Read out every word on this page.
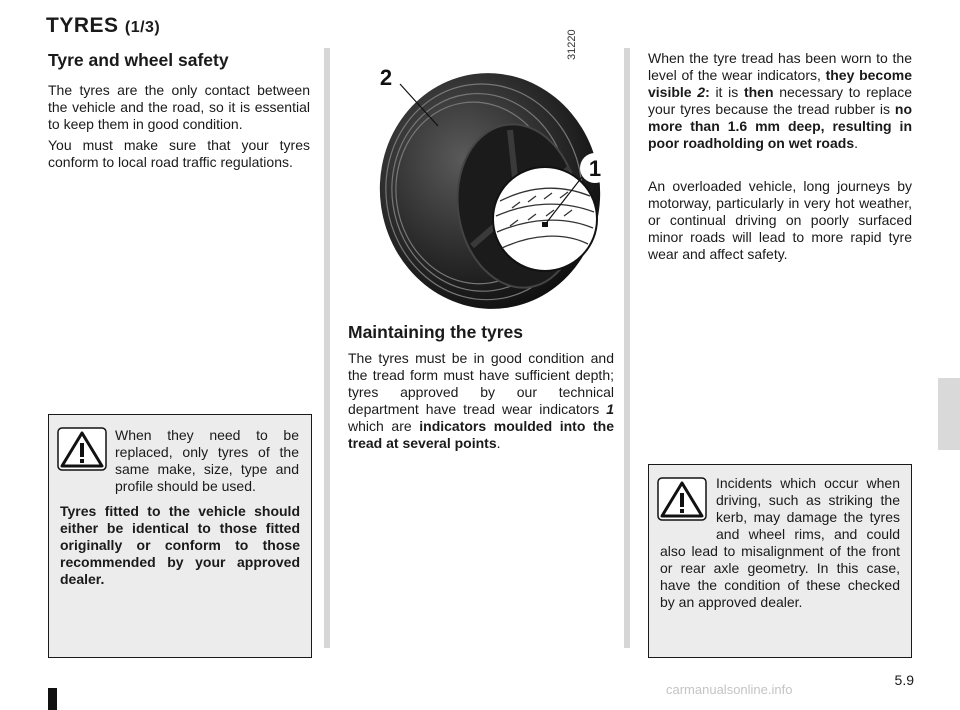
TYRES (1/3)
Tyre and wheel safety

The tyres are the only contact between the vehicle and the road, so it is essential to keep them in good condition.

You must make sure that your tyres conform to local road traffic regulations.

When they need to be replaced, only tyres of the same make, size, type and profile should be used.

Tyres fitted to the vehicle should either be identical to those fitted originally or conform to those recommended by your approved dealer.

31220
2
1
Maintaining the tyres

The tyres must be in good condition and the tread form must have sufficient depth; tyres approved by our technical department have tread wear indicators 1 which are indicators moulded into the tread at several points.

When the tyre tread has been worn to the level of the wear indicators, they become visible 2: it is then necessary to replace your tyres because the tread rubber is no more than 1.6 mm deep, resulting in poor roadholding on wet roads.

An overloaded vehicle, long journeys by motorway, particularly in very hot weather, or continual driving on poorly surfaced minor roads will lead to more rapid tyre wear and affect safety.

Incidents which occur when driving, such as striking the kerb, may damage the tyres and wheel rims, and could also lead to misalignment of the front or rear axle geometry. In this case, have the condition of these checked by an approved dealer.
5.9
carmanualsonline.info
